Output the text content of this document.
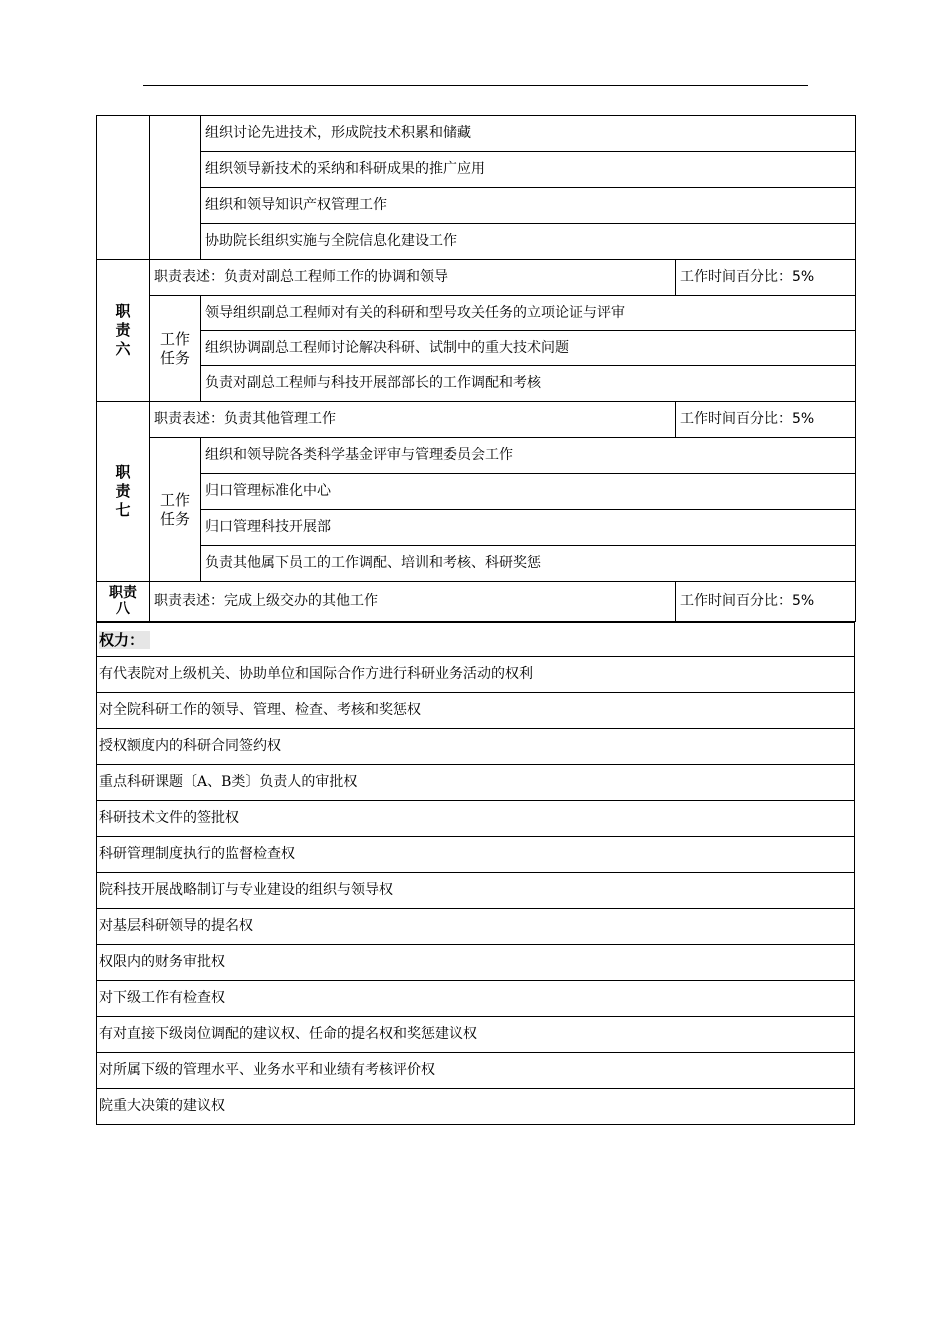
		组织讨论先进技术，形成院技术积累和储藏	
		组织领导新技术的采纳和科研成果的推广应用	
		组织和领导知识产权管理工作	
		协助院长组织实施与全院信息化建设工作	
职
责
六	职责表述：负责对副总工程师工作的协调和领导		工作时间百分比：5%
	工作
任务	领导组织副总工程师对有关的科研和型号攻关任务的立项论证与评审	
		组织协调副总工程师讨论解决科研、试制中的重大技术问题	
		负责对副总工程师与科技开展部部长的工作调配和考核	
职
责
七	职责表述：负责其他管理工作		工作时间百分比：5%
	工作
任务	组织和领导院各类科学基金评审与管理委员会工作	
		归口管理标准化中心	
		归口管理科技开展部	
		负责其他属下员工的工作调配、培训和考核、科研奖惩	
职责
八	职责表述：完成上级交办的其他工作		工作时间百分比：5%
权力：
有代表院对上级机关、协助单位和国际合作方进行科研业务活动的权利
对全院科研工作的领导、管理、检查、考核和奖惩权
授权额度内的科研合同签约权
重点科研课题〔A、B类〕负责人的审批权
科研技术文件的签批权
科研管理制度执行的监督检查权
院科技开展战略制订与专业建设的组织与领导权
对基层科研领导的提名权
权限内的财务审批权
对下级工作有检查权
有对直接下级岗位调配的建议权、任命的提名权和奖惩建议权
对所属下级的管理水平、业务水平和业绩有考核评价权
院重大决策的建议权
